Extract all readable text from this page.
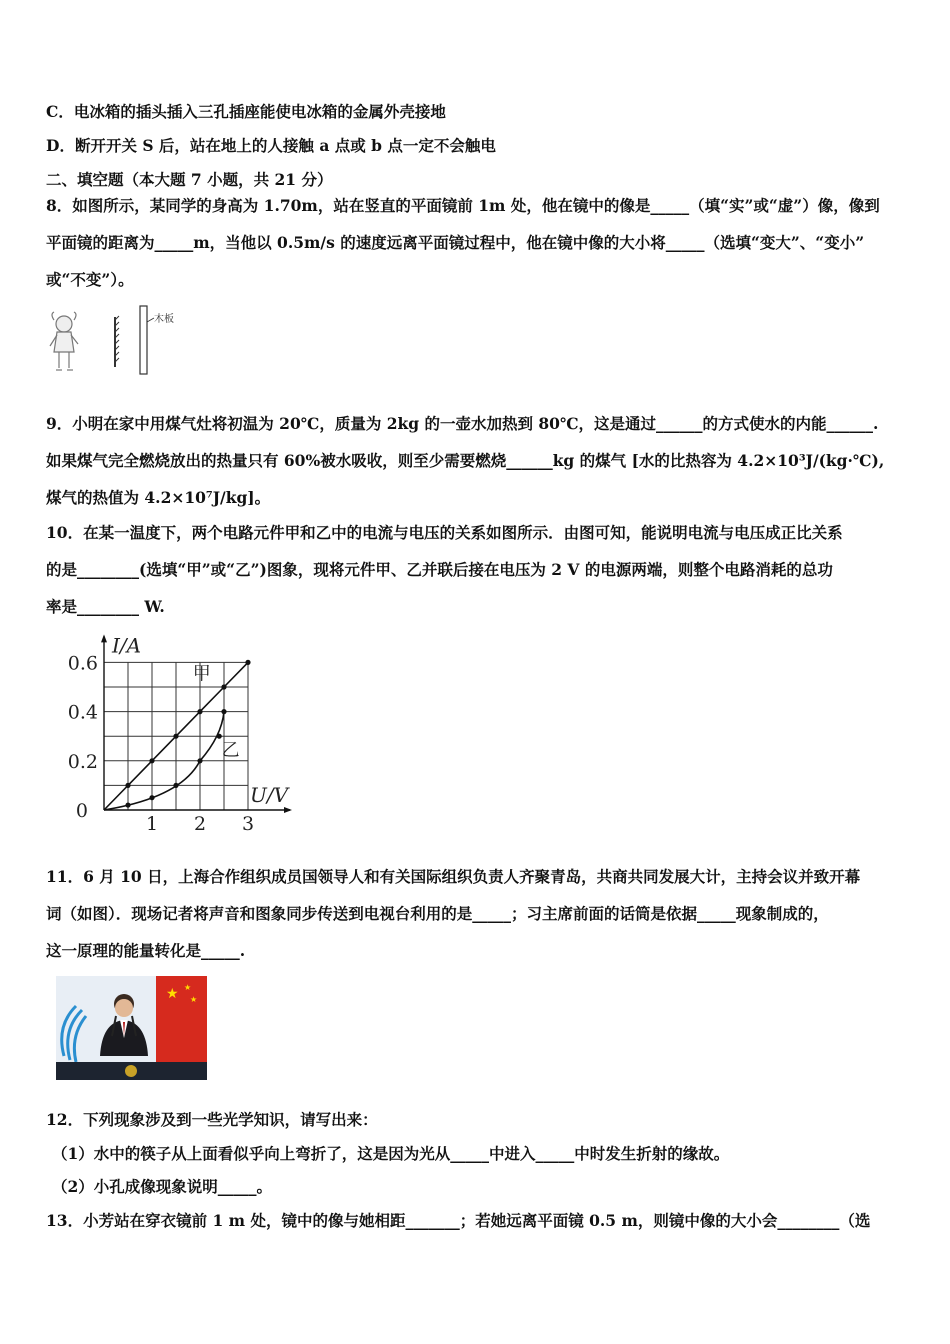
C．电冰箱的插头插入三孔插座能使电冰箱的金属外壳接地
D．断开开关 S 后，站在地上的人接触 a 点或 b 点一定不会触电
二、填空题（本大题 7 小题，共 21 分）
8．如图所示，某同学的身高为 1.70m，站在竖直的平面镜前 1m 处，他在镜中的像是_____（填“实”或“虚”）像，像到
平面镜的距离为_____m，当他以 0.5m/s 的速度远离平面镜过程中，他在镜中像的大小将_____（选填“变大”、“变小”
或“不变”）。
木板
9．小明在家中用煤气灶将初温为 20℃，质量为 2kg 的一壶水加热到 80℃，这是通过______的方式使水的内能______.
如果煤气完全燃烧放出的热量只有 60%被水吸收，则至少需要燃烧______kg 的煤气 [水的比热容为 4.2×10³J/(kg·℃),
煤气的热值为 4.2×10⁷J/kg]。
10．在某一温度下，两个电路元件甲和乙中的电流与电压的关系如图所示．由图可知，能说明电流与电压成正比关系
的是________(选填“甲”或“乙”)图象，现将元件甲、乙并联后接在电压为 2 V 的电源两端，则整个电路消耗的总功
率是________ W.
I/A
U/V
1 2 3
0.6
0.4
0.2
0
甲
乙
11．6 月 10 日，上海合作组织成员国领导人和有关国际组织负责人齐聚青岛，共商共同发展大计，主持会议并致开幕
词（如图）．现场记者将声音和图象同步传送到电视台利用的是_____；习主席前面的话筒是依据_____现象制成的，
这一原理的能量转化是_____.
★ ★
★
12．下列现象涉及到一些光学知识，请写出来：
（1）水中的筷子从上面看似乎向上弯折了，这是因为光从_____中进入_____中时发生折射的缘故。
（2）小孔成像现象说明_____。
13．小芳站在穿衣镜前 1 m 处，镜中的像与她相距_______；若她远离平面镜 0.5 m，则镜中像的大小会________（选
